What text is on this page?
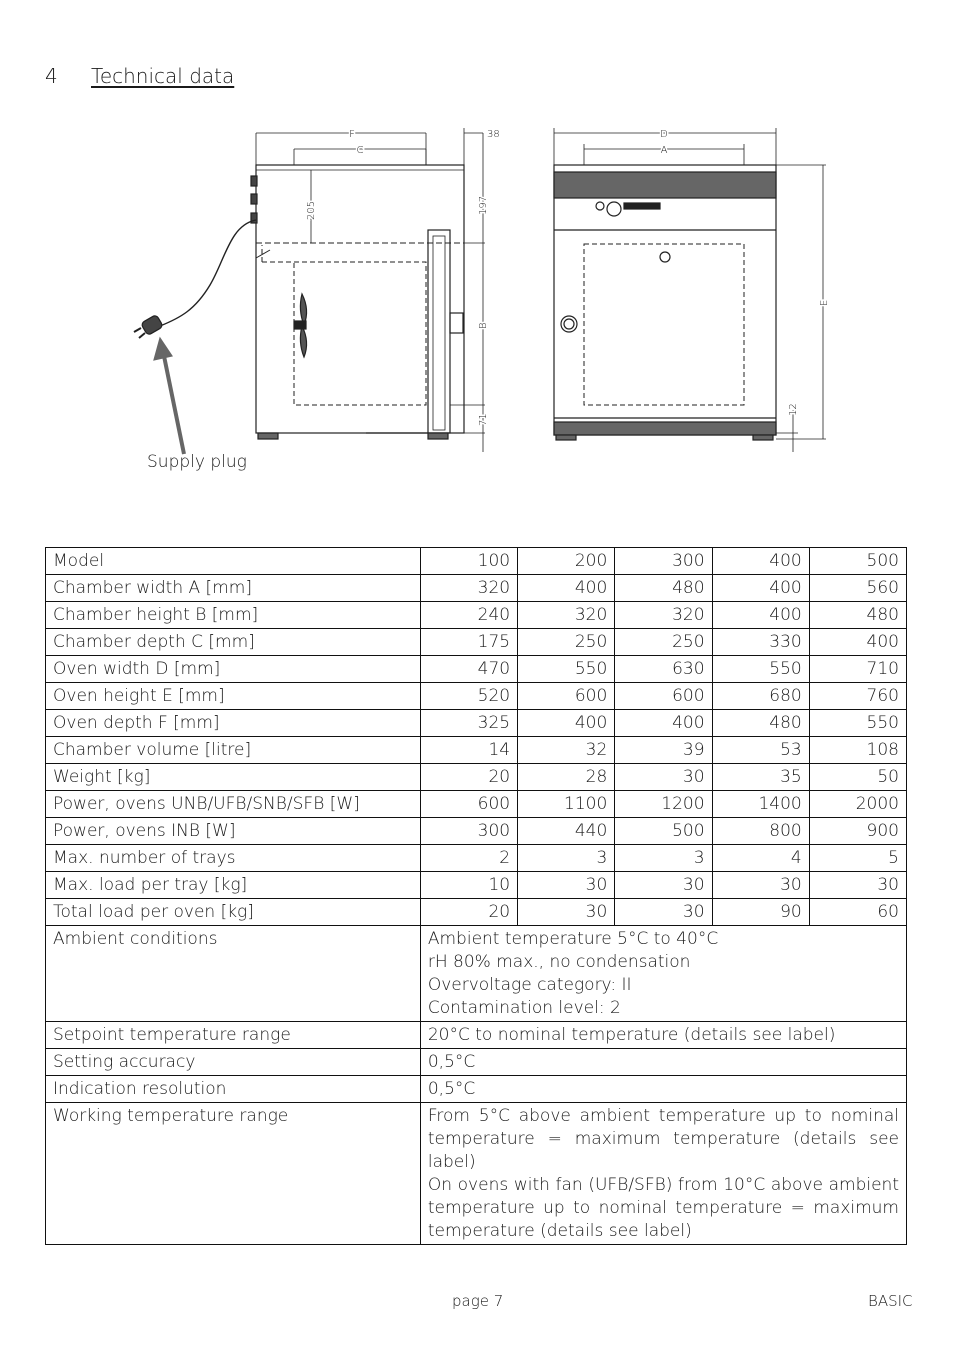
4 Technical data
F
C
38
205	197
B
71
D
A
E
12
Supply plug
Model	100	200	300	400	500
Chamber width A [mm]	320	400	480	400	560
Chamber height B [mm]	240	320	320	400	480
Chamber depth C [mm]	175	250	250	330	400
Oven width D [mm]	470	550	630	550	710
Oven height E [mm]	520	600	600	680	760
Oven depth F [mm]	325	400	400	480	550
Chamber volume [litre]	14	32	39	53	108
Weight [kg]	20	28	30	35	50
Power, ovens UNB/UFB/SNB/SFB [W]	600	1100	1200	1400	2000
Power, ovens INB [W]	300	440	500	800	900
Max. number of trays	2	3	3	4	5
Max. load per tray [kg]	10	30	30	30	30
Total load per oven [kg]	20	30	30	90	60
Ambient conditions	Ambient temperature 5°C to 40°C
rH 80% max., no condensation
Overvoltage category: II
Contamination level: 2				

Setpoint temperature range	20°C to nominal temperature (details see label)				
Setting accuracy	0,5°C				
Indication resolution	0,5°C				
Working temperature range	From 5°C above ambient temperature up to nominal temperature = maximum temperature (details see label)
On ovens with fan (UFB/SFB) from 10°C above ambient temperature up to nominal temperature = maximum temperature (details see label)				
page 7	BASIC
